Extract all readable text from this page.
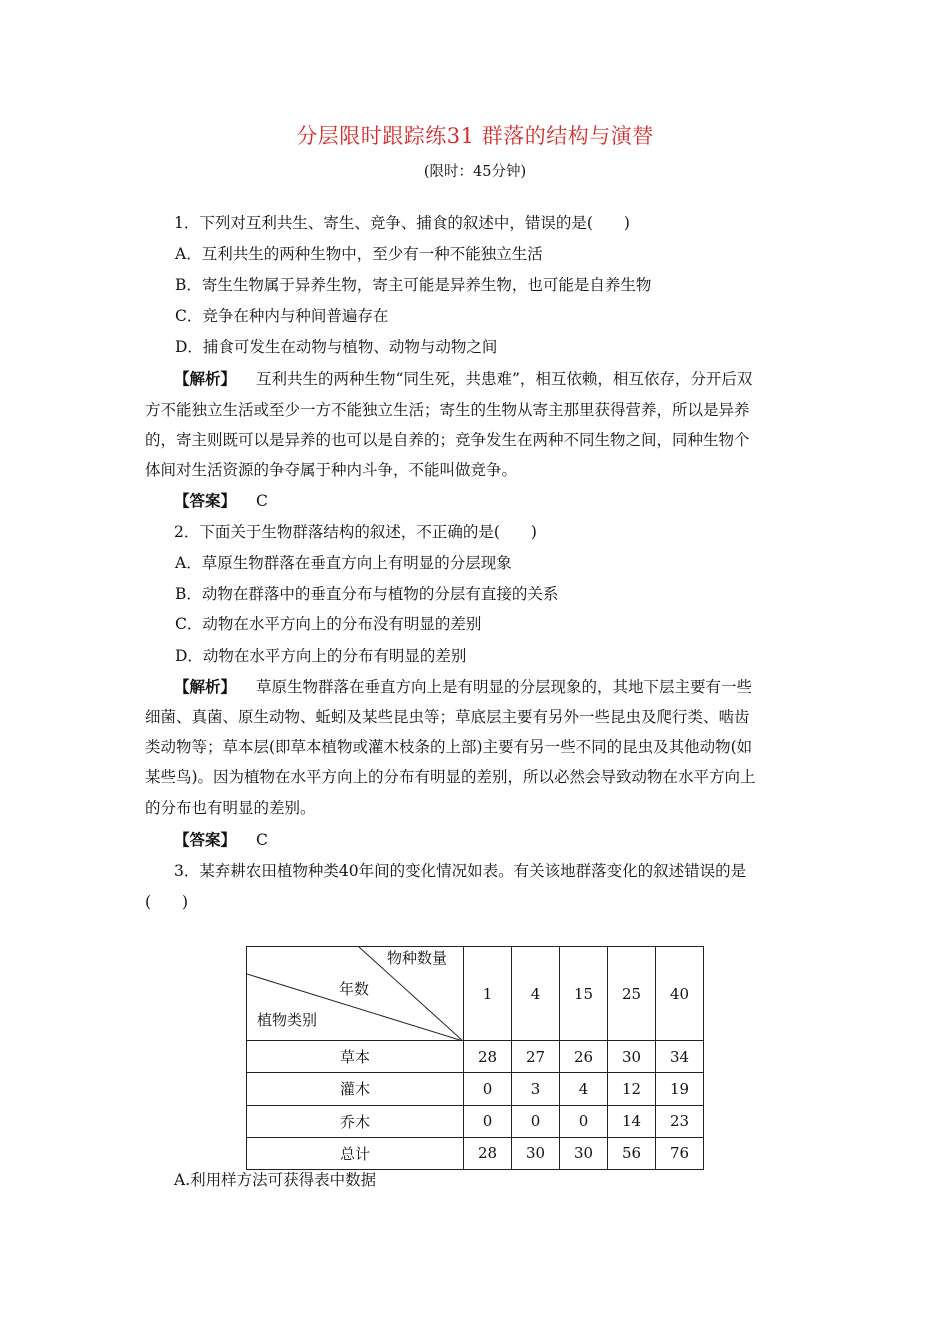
分层限时跟踪练31 群落的结构与演替
(限时：45分钟)
1．下列对互利共生、寄生、竞争、捕食的叙述中，错误的是(　　)
A．互利共生的两种生物中，至少有一种不能独立生活
B．寄生生物属于异养生物，寄主可能是异养生物，也可能是自养生物
C．竞争在种内与种间普遍存在
D．捕食可发生在动物与植物、动物与动物之间
【解析】 互利共生的两种生物“同生死，共患难”，相互依赖，相互依存，分开后双
方不能独立生活或至少一方不能独立生活；寄生的生物从寄主那里获得营养，所以是异养
的，寄主则既可以是异养的也可以是自养的；竞争发生在两种不同生物之间，同种生物个
体间对生活资源的争夺属于种内斗争，不能叫做竞争。
【答案】 C
2．下面关于生物群落结构的叙述，不正确的是(　　)
A．草原生物群落在垂直方向上有明显的分层现象
B．动物在群落中的垂直分布与植物的分层有直接的关系
C．动物在水平方向上的分布没有明显的差别
D．动物在水平方向上的分布有明显的差别
【解析】 草原生物群落在垂直方向上是有明显的分层现象的，其地下层主要有一些
细菌、真菌、原生动物、蚯蚓及某些昆虫等；草底层主要有另外一些昆虫及爬行类、啮齿
类动物等；草本层(即草本植物或灌木枝条的上部)主要有另一些不同的昆虫及其他动物(如
某些鸟)。因为植物在水平方向上的分布有明显的差别，所以必然会导致动物在水平方向上
的分布也有明显的差别。
【答案】 C
3．某弃耕农田植物种类40年间的变化情况如表。有关该地群落变化的叙述错误的是
(　　)
物种数量
年数
植物类别	1	4	15	25	40
草本	28	27	26	30	34
灌木	0	3	4	12	19
乔木	0	0	0	14	23
总计	28	30	30	56	76
A.利用样方法可获得表中数据
